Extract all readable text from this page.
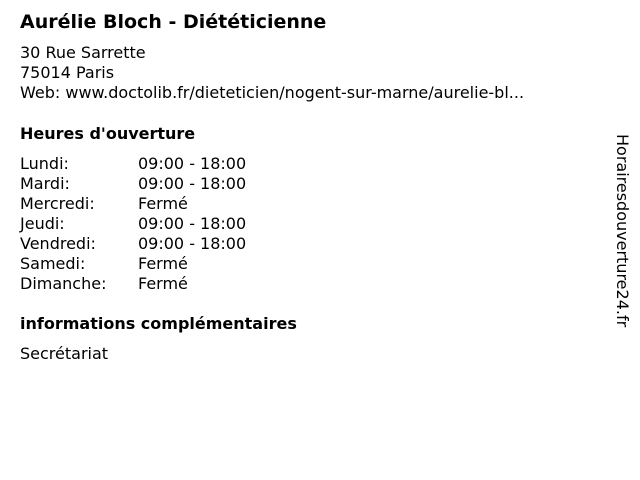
Aurélie Bloch - Diététicienne
30 Rue Sarrette
75014 Paris
Web: www.doctolib.fr/dieteticien/nogent-sur-marne/aurelie-bl...
Heures d'ouverture
Lundi:	09:00 - 18:00
Mardi:	09:00 - 18:00
Mercredi:	Fermé
Jeudi:	09:00 - 18:00
Vendredi:	09:00 - 18:00
Samedi:	Fermé
Dimanche:	Fermé
informations complémentaires
Secrétariat
Horairesdouverture24.fr
